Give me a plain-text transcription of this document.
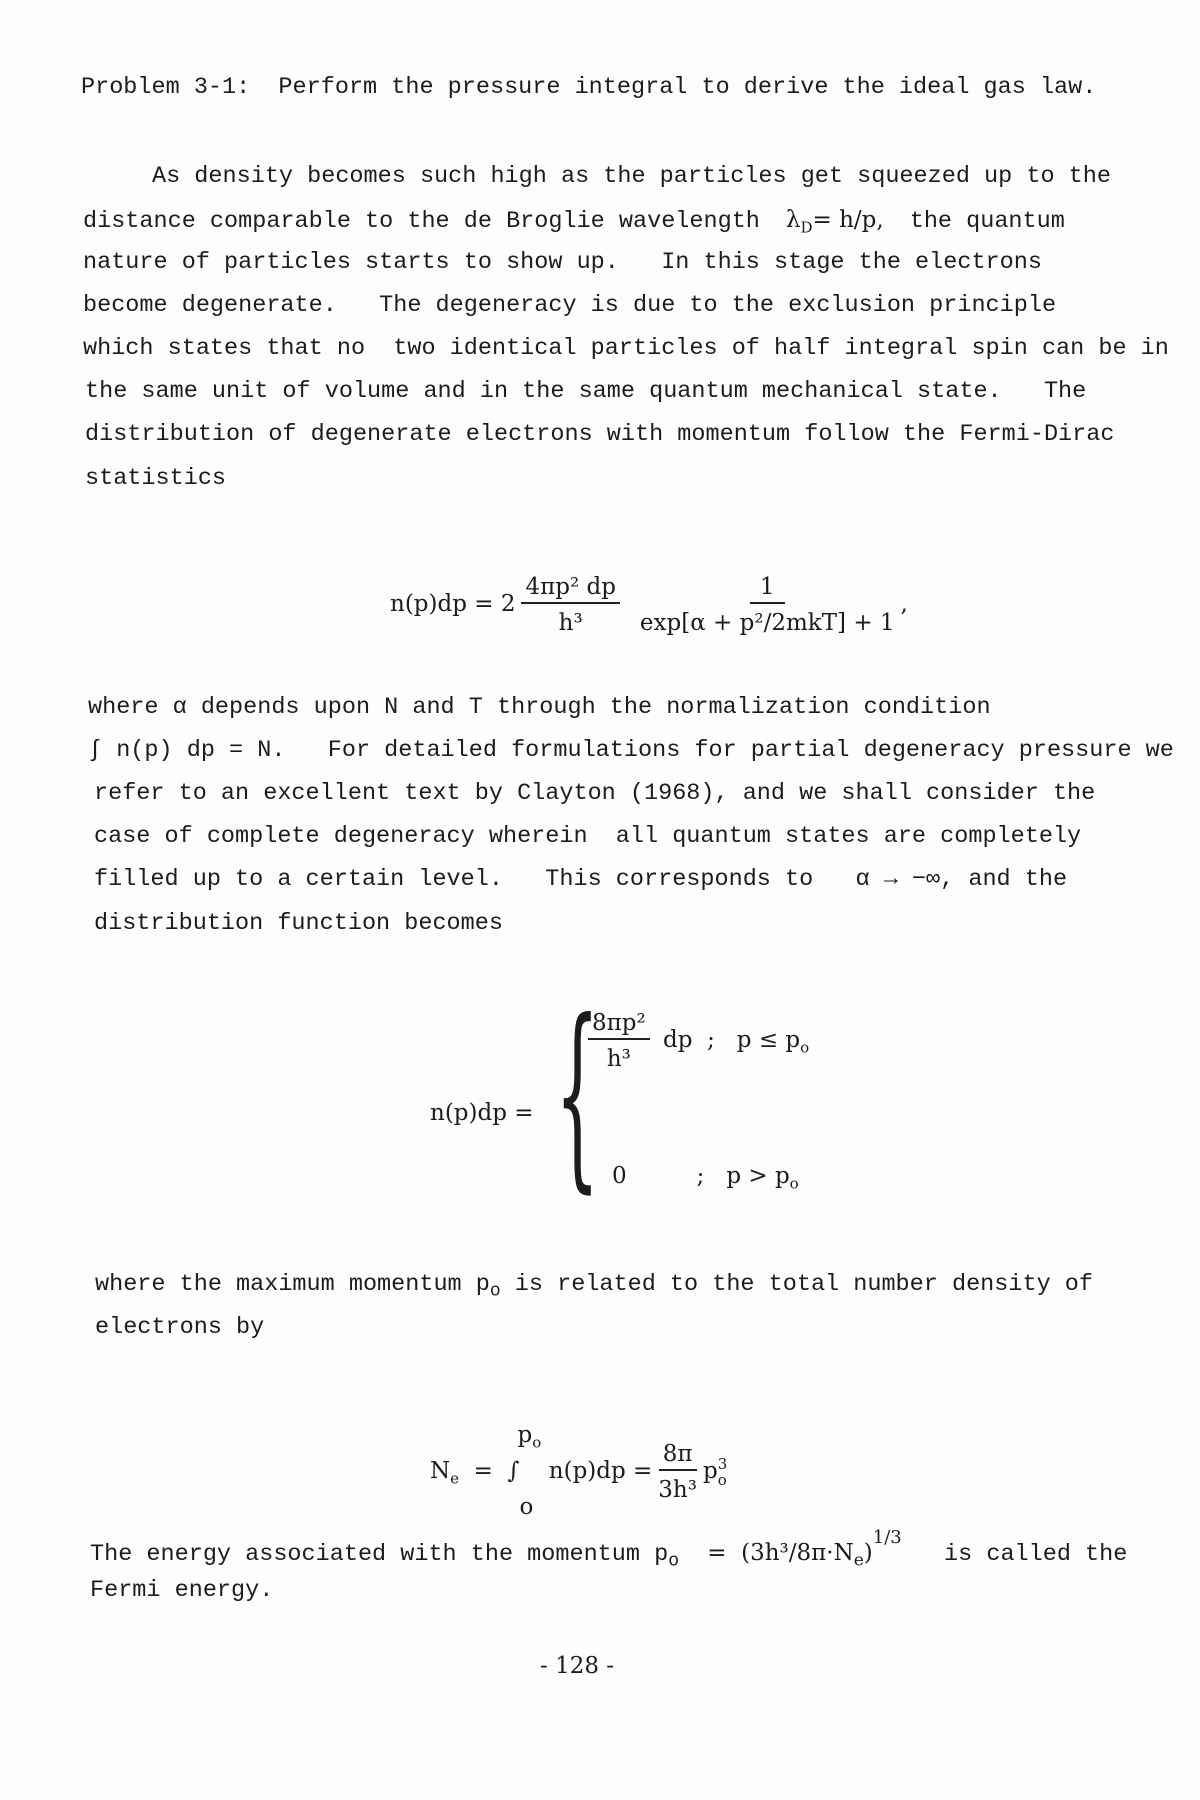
Problem 3-1:  Perform the pressure integral to derive the ideal gas law.
As density becomes such high as the particles get squeezed up to the
distance comparable to the de Broglie wavelength $\lambda_D= h/p$, the quantum
nature of particles starts to show up.   In this stage the electrons
become degenerate.   The degeneracy is due to the exclusion principle
which states that no  two identical particles of half integral spin can be in
the same unit of volume and in the same quantum mechanical state.   The
distribution of degenerate electrons with momentum follow the Fermi-Dirac
statistics

$n(p)dp = 2 \frac{\text{4πp² dp}}{\text{h³}} \frac{1}{\text{exp[α + p²/2mkT] + 1}}$ ,

where α depends upon N and T through the normalization condition
∫ n(p) dp = N.   For detailed formulations for partial degeneracy pressure we
refer to an excellent text by Clayton (1968), and we shall consider the
case of complete degeneracy wherein  all quantum states are completely
filled up to a certain level.   This corresponds to   α → −∞, and the
distribution function becomes
n(p)dp = {
$\frac{\text{8πp²}}{\text{h³}}$ dp ; $p \le p_o$
0	; $p > p_o$
where the maximum momentum $p_o$ is related to the total number density of
electrons by

$N_e$ = ∫
$p_o$
o
$n(p)dp = \frac{8\pi}{\text{3h³}}$ p 3
o

The energy associated with the momentum $p_o = (3h^3/8\pi\cdot N_e)^{1/3}$   is called the
Fermi energy.
- 128 -
